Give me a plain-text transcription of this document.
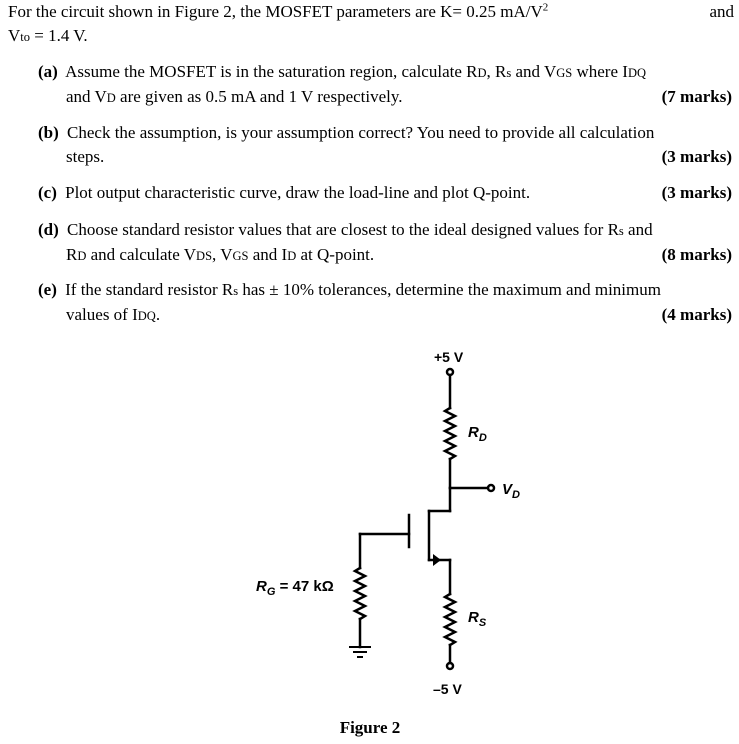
For the circuit shown in Figure 2, the MOSFET parameters are K= 0.25 $mA/V^2$	and
Vto = 1.4 V.
(a) Assume the MOSFET is in the saturation region, calculate RD, Rs and VGS where IDQ
and VD are given as 0.5 mA and 1 V respectively.	(7 marks)
(b) Check the assumption, is your assumption correct? You need to provide all calculation
steps.	(3 marks)
(c) Plot output characteristic curve, draw the load-line and plot Q-point.	(3 marks)
(d) Choose standard resistor values that are closest to the ideal designed values for Rs and
RD and calculate VDS, VGS and ID at Q-point.	(8 marks)
(e) If the standard resistor Rs has ± 10% tolerances, determine the maximum and minimum
values of IDQ.	(4 marks)
+5 V
$R_D$
$V_D$
$R_G = 47$ kΩ
$R_S$
–5 V
Figure 2
